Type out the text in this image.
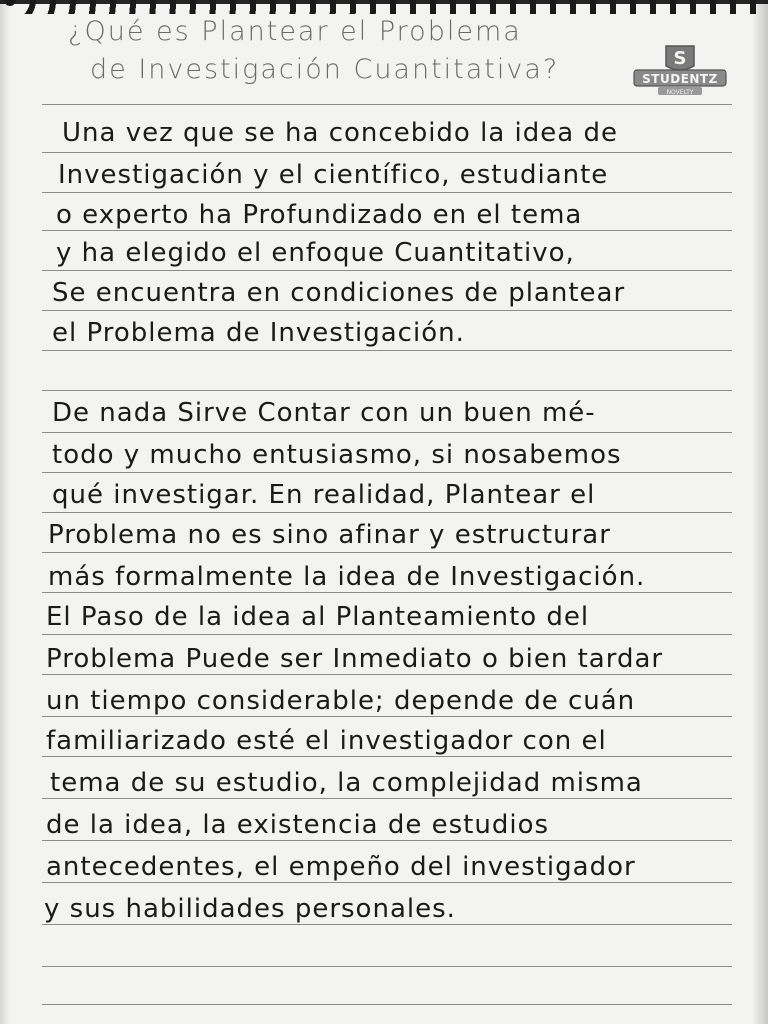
¿Qué es Plantear el Problema
de Investigación Cuantitativa?	S
STUDENTZ
NOVELTY
Una vez que se ha concebido la idea de
Investigación y el científico, estudiante
o experto ha Profundizado en el tema
y ha elegido el enfoque Cuantitativo,
Se encuentra en condiciones de plantear
el Problema de Investigación.
De nada Sirve Contar con un buen mé-
todo y mucho entusiasmo, si nosabemos
qué investigar. En realidad, Plantear el
Problema no es sino afinar y estructurar
más formalmente la idea de Investigación.
El Paso de la idea al Planteamiento del
Problema Puede ser Inmediato o bien tardar
un tiempo considerable; depende de cuán
familiarizado esté el investigador con el
tema de su estudio, la complejidad misma
de la idea, la existencia de estudios
antecedentes, el empeño del investigador
y sus habilidades personales.
